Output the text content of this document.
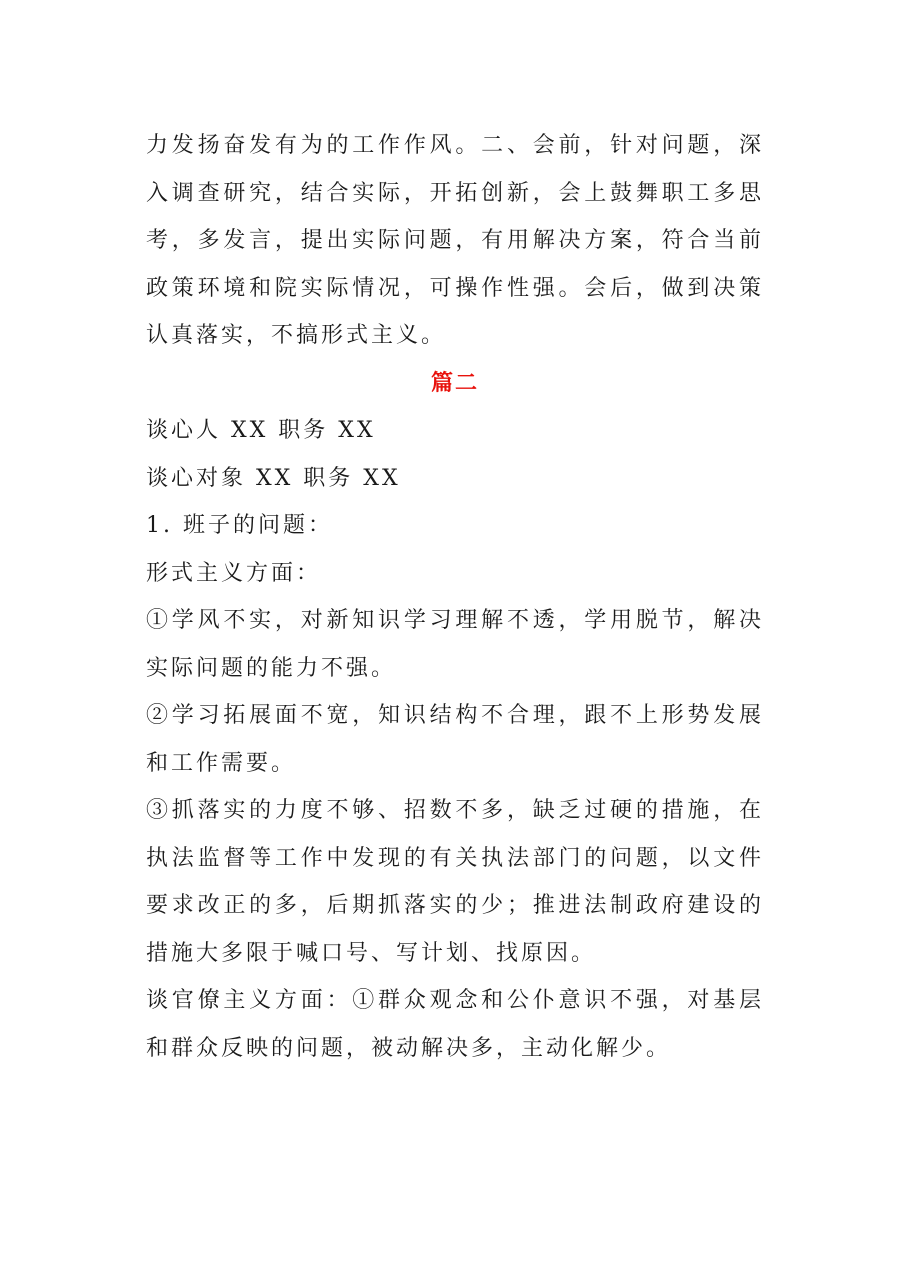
力发扬奋发有为的工作作风。二、会前，针对问题，深入调查研究，结合实际，开拓创新，会上鼓舞职工多思考，多发言，提出实际问题，有用解决方案，符合当前政策环境和院实际情况，可操作性强。会后，做到决策认真落实，不搞形式主义。

篇二

谈心人 XX 职务 XX

谈心对象 XX 职务 XX

1. 班子的问题：

形式主义方面：

①学风不实，对新知识学习理解不透，学用脱节，解决实际问题的能力不强。

②学习拓展面不宽，知识结构不合理，跟不上形势发展和工作需要。

③抓落实的力度不够、招数不多，缺乏过硬的措施，在执法监督等工作中发现的有关执法部门的问题，以文件要求改正的多，后期抓落实的少；推进法制政府建设的措施大多限于喊口号、写计划、找原因。

谈官僚主义方面：①群众观念和公仆意识不强，对基层和群众反映的问题，被动解决多，主动化解少。
